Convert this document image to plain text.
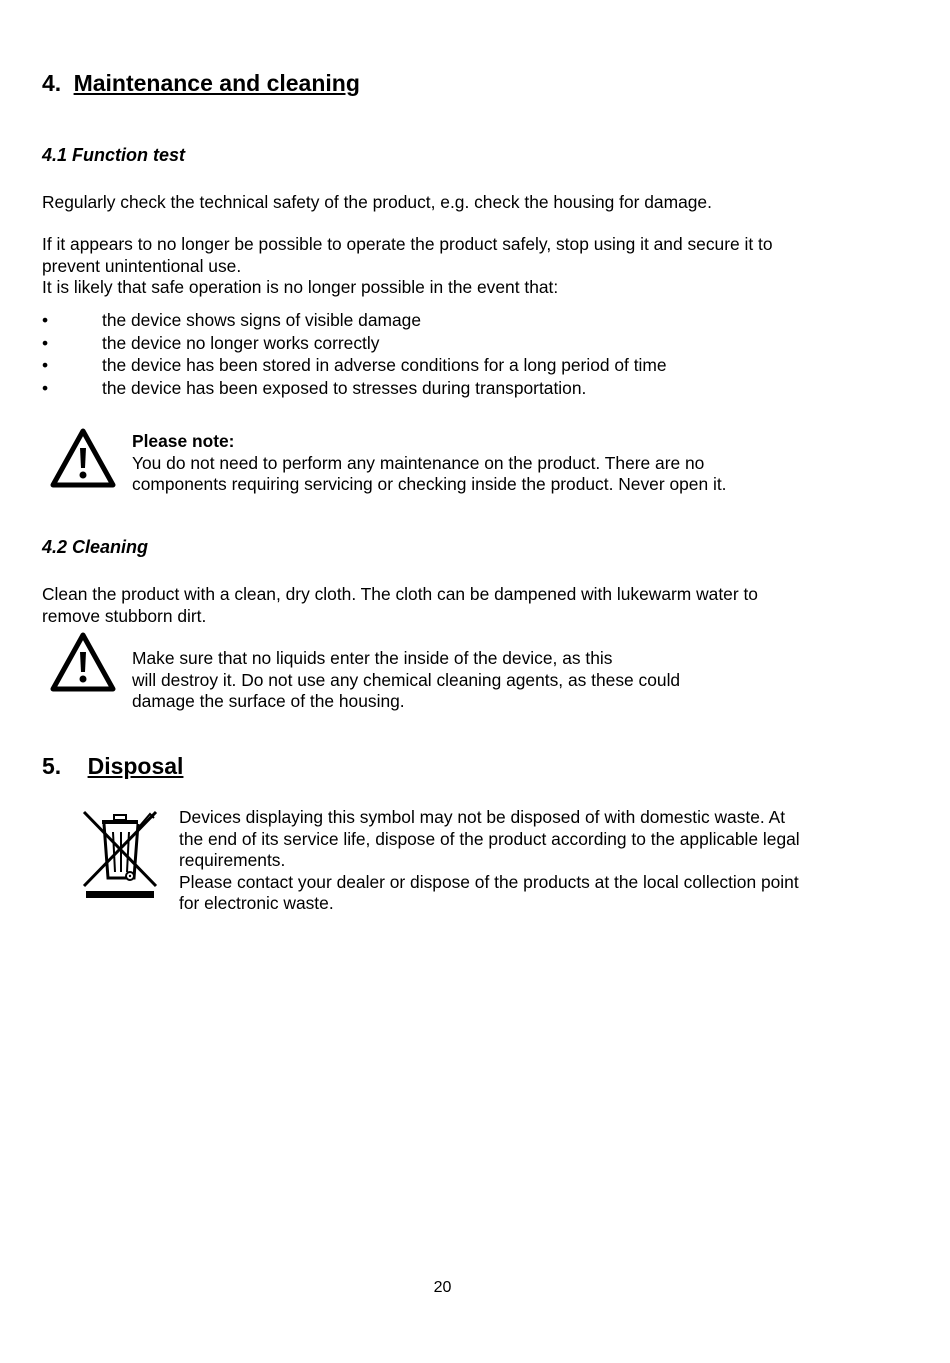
4. Maintenance and cleaning
4.1 Function test
Regularly check the technical safety of the product, e.g. check the housing for damage.
If it appears to no longer be possible to operate the product safely, stop using it and secure it to
prevent unintentional use.
It is likely that safe operation is no longer possible in the event that:
•	the device shows signs of visible damage
•	the device no longer works correctly
•	the device has been stored in adverse conditions for a long period of time
•	the device has been exposed to stresses during transportation.
Please note:
You do not need to perform any maintenance on the product. There are no
components requiring servicing or checking inside the product. Never open it.
4.2 Cleaning
Clean the product with a clean, dry cloth. The cloth can be dampened with lukewarm water to
remove stubborn dirt.
Make sure that no liquids enter the inside of the device, as this
will destroy it. Do not use any chemical cleaning agents, as these could
damage the surface of the housing.
5. Disposal
Devices displaying this symbol may not be disposed of with domestic waste. At
the end of its service life, dispose of the product according to the applicable legal
requirements.
Please contact your dealer or dispose of the products at the local collection point
for electronic waste.
20
